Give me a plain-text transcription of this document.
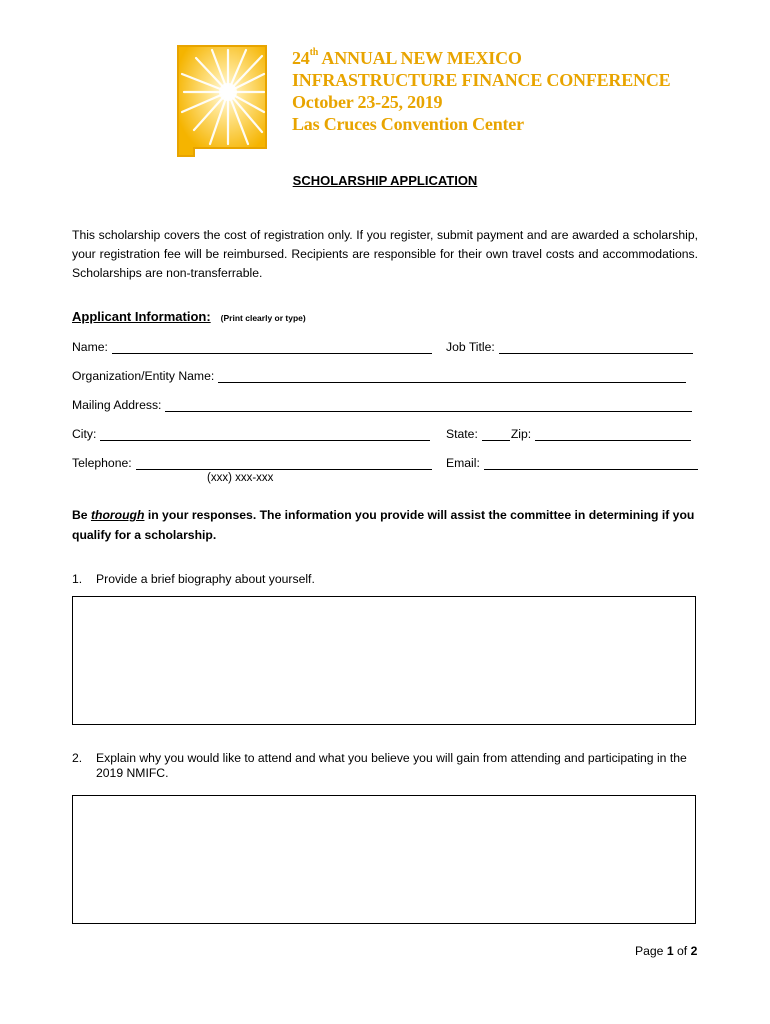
24th ANNUAL NEW MEXICO
INFRASTRUCTURE FINANCE CONFERENCE
October 23-25, 2019
Las Cruces Convention Center
SCHOLARSHIP APPLICATION
This scholarship covers the cost of registration only. If you register, submit payment and are awarded a scholarship, your registration fee will be reimbursed. Recipients are responsible for their own travel costs and accommodations. Scholarships are non-transferrable.
Applicant Information: (Print clearly or type)
Name:	Job Title:
Organization/Entity Name:
Mailing Address:
City:	State:	Zip:
Telephone:	Email:
(xxx) xxx-xxx
Be thorough in your responses. The information you provide will assist the committee in determining if you qualify for a scholarship.
1.	Provide a brief biography about yourself.
2.	Explain why you would like to attend and what you believe you will gain from attending and participating in the 2019 NMIFC.
Page 1 of 2
